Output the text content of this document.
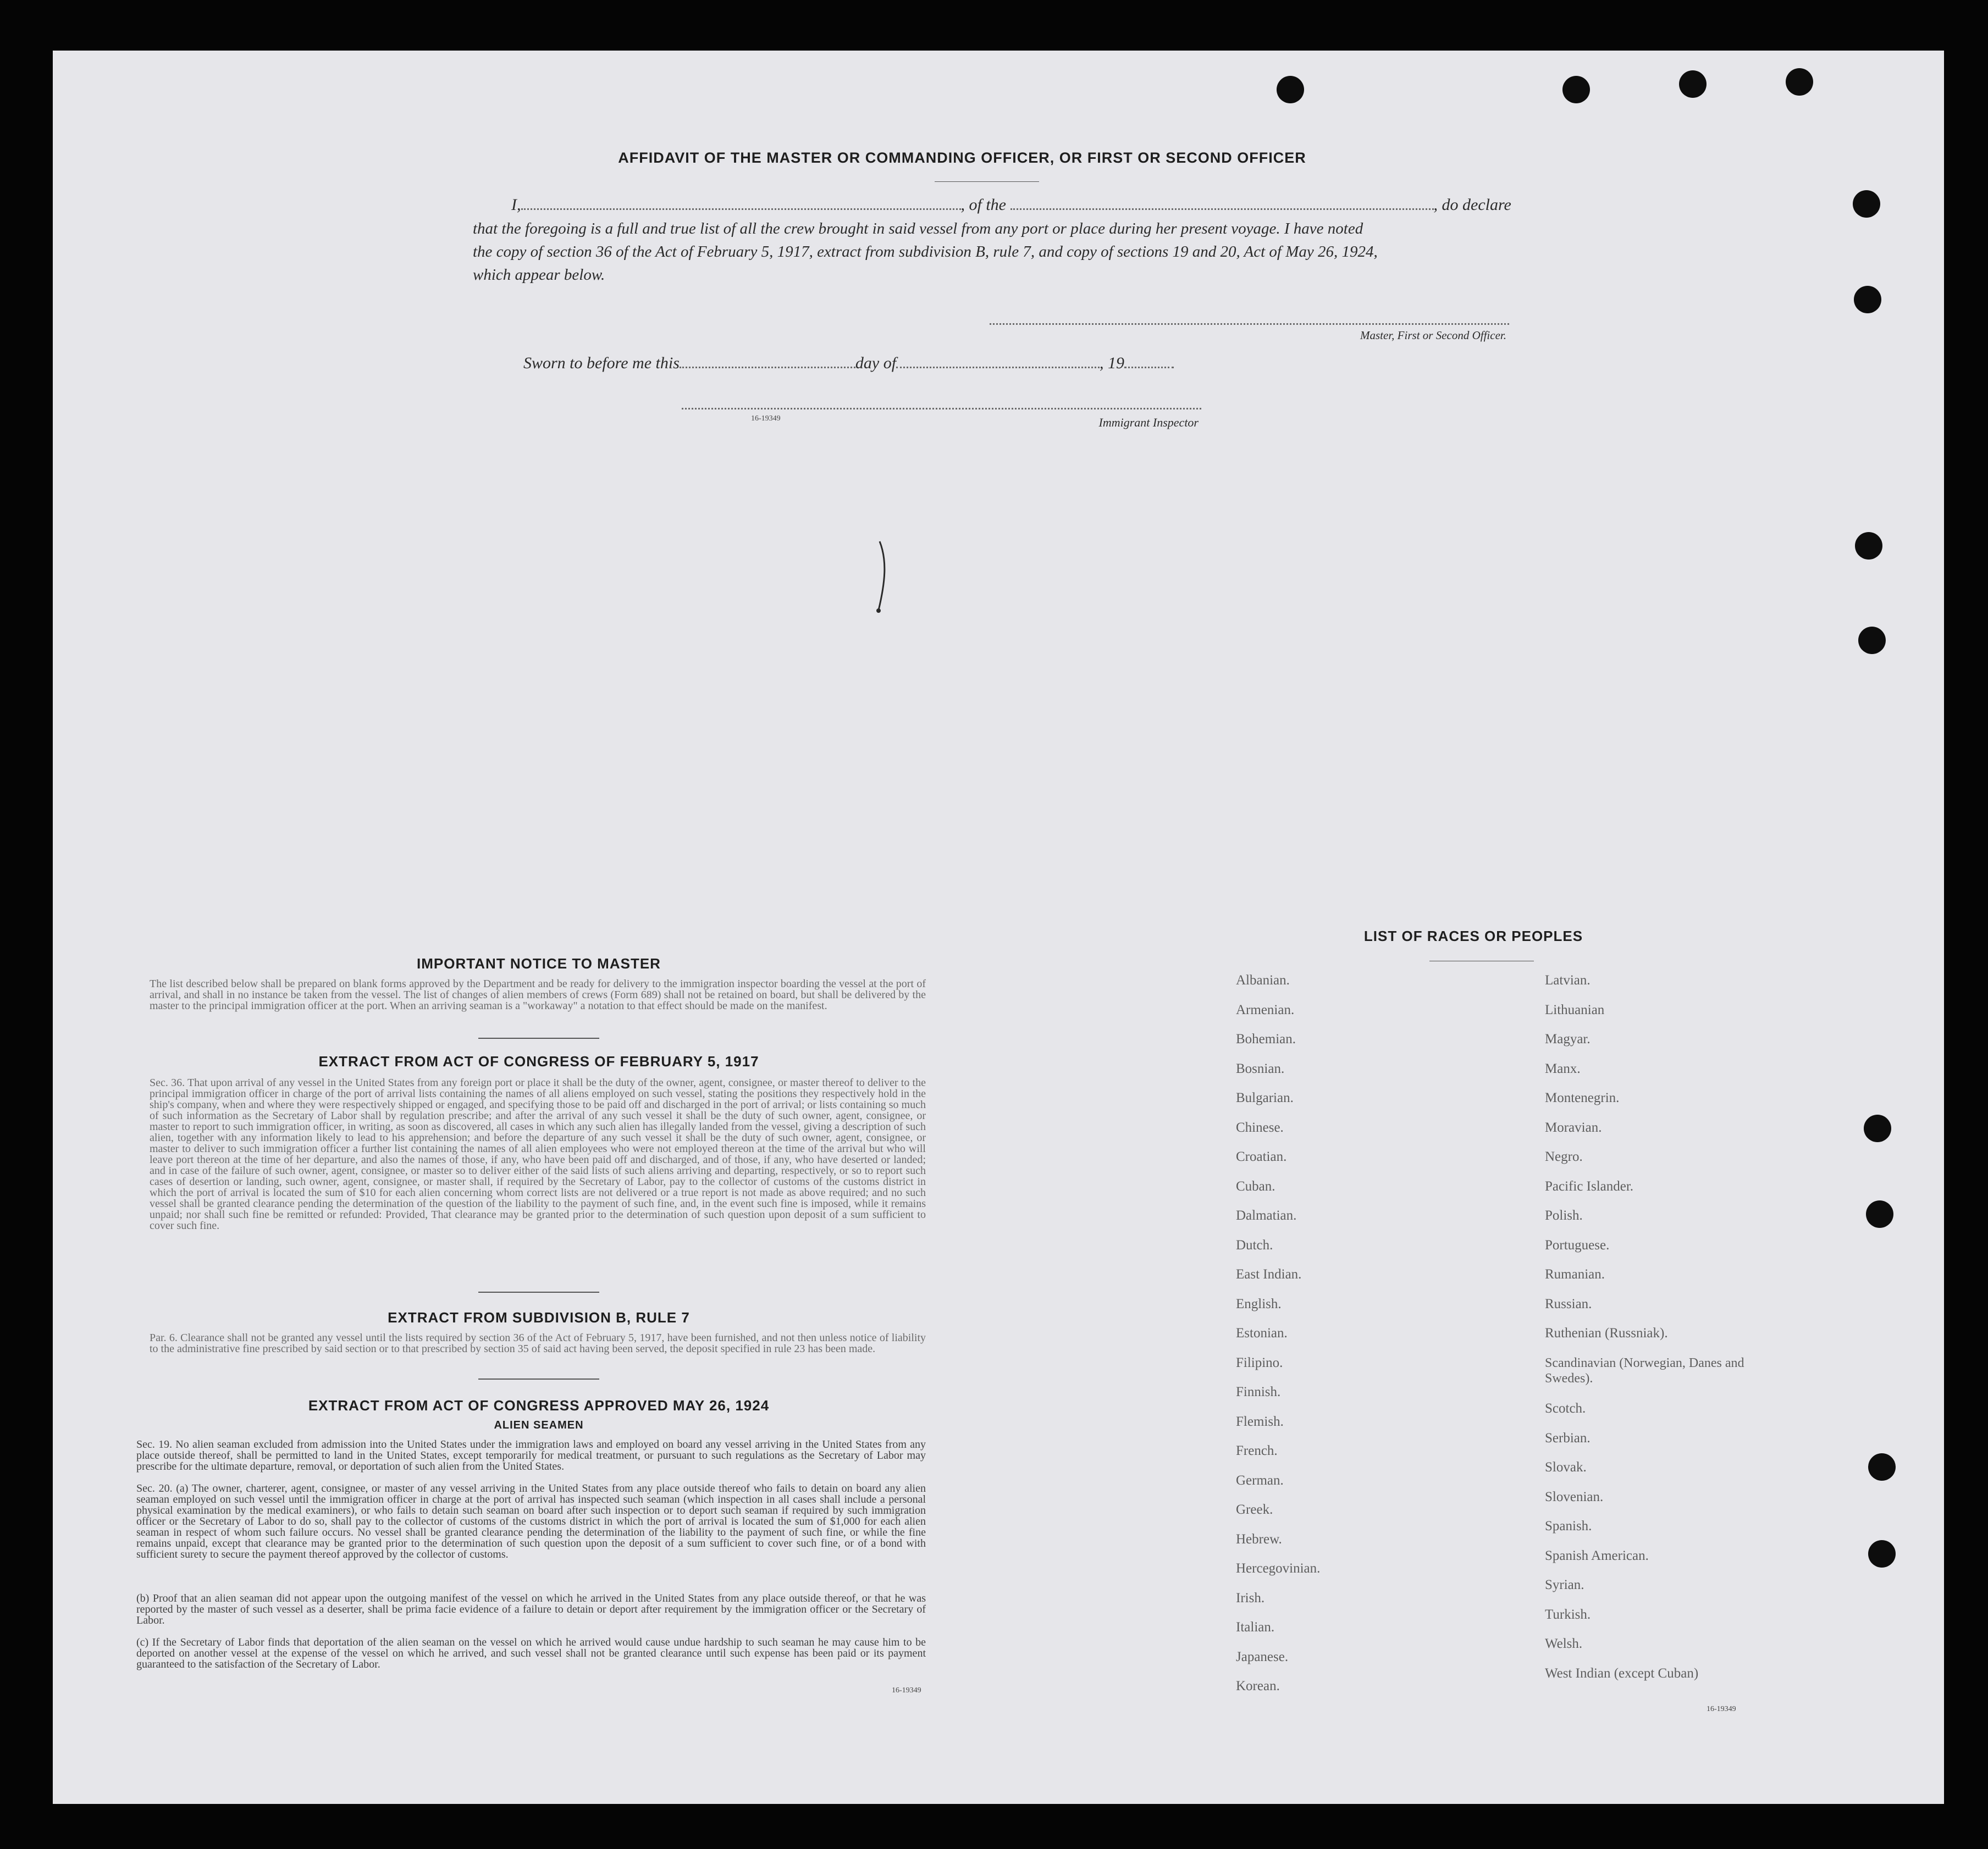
AFFIDAVIT OF THE MASTER OR COMMANDING OFFICER, OR FIRST OR SECOND OFFICER
I,	, of the	, do declare
that the foregoing is a full and true list of all the crew brought in said vessel from any port or place during her present voyage. I have noted
the copy of section 36 of the Act of February 5, 1917, extract from subdivision B, rule 7, and copy of sections 19 and 20, Act of May 26, 1924,
which appear below.
Master, First or Second Officer.
Sworn to before me this	day of	, 19
16-19349	Immigrant Inspector
IMPORTANT NOTICE TO MASTER
The list described below shall be prepared on blank forms approved by the Department and be ready for delivery to the immigration inspector boarding the vessel at the port of arrival, and shall in no instance be taken from the vessel. The list of changes of alien members of crews (Form 689) shall not be retained on board, but shall be delivered by the master to the principal immigration officer at the port. When an arriving seaman is a "workaway" a notation to that effect should be made on the manifest.
EXTRACT FROM ACT OF CONGRESS OF FEBRUARY 5, 1917
Sec. 36. That upon arrival of any vessel in the United States from any foreign port or place it shall be the duty of the owner, agent, consignee, or master thereof to deliver to the principal immigration officer in charge of the port of arrival lists containing the names of all aliens employed on such vessel, stating the positions they respectively hold in the ship's company, when and where they were respectively shipped or engaged, and specifying those to be paid off and discharged in the port of arrival; or lists containing so much of such information as the Secretary of Labor shall by regulation prescribe; and after the arrival of any such vessel it shall be the duty of such owner, agent, consignee, or master to report to such immigration officer, in writing, as soon as discovered, all cases in which any such alien has illegally landed from the vessel, giving a description of such alien, together with any information likely to lead to his apprehension; and before the departure of any such vessel it shall be the duty of such owner, agent, consignee, or master to deliver to such immigration officer a further list containing the names of all alien employees who were not employed thereon at the time of the arrival but who will leave port thereon at the time of her departure, and also the names of those, if any, who have been paid off and discharged, and of those, if any, who have deserted or landed; and in case of the failure of such owner, agent, consignee, or master so to deliver either of the said lists of such aliens arriving and departing, respectively, or so to report such cases of desertion or landing, such owner, agent, consignee, or master shall, if required by the Secretary of Labor, pay to the collector of customs of the customs district in which the port of arrival is located the sum of $10 for each alien concerning whom correct lists are not delivered or a true report is not made as above required; and no such vessel shall be granted clearance pending the determination of the question of the liability to the payment of such fine, and, in the event such fine is imposed, while it remains unpaid; nor shall such fine be remitted or refunded: Provided, That clearance may be granted prior to the determination of such question upon deposit of a sum sufficient to cover such fine.
EXTRACT FROM SUBDIVISION B, RULE 7
Par. 6. Clearance shall not be granted any vessel until the lists required by section 36 of the Act of February 5, 1917, have been furnished, and not then unless notice of liability to the administrative fine prescribed by said section or to that prescribed by section 35 of said act having been served, the deposit specified in rule 23 has been made.
EXTRACT FROM ACT OF CONGRESS APPROVED MAY 26, 1924
ALIEN SEAMEN
Sec. 19. No alien seaman excluded from admission into the United States under the immigration laws and employed on board any vessel arriving in the United States from any place outside thereof, shall be permitted to land in the United States, except temporarily for medical treatment, or pursuant to such regulations as the Secretary of Labor may prescribe for the ultimate departure, removal, or deportation of such alien from the United States.
Sec. 20. (a) The owner, charterer, agent, consignee, or master of any vessel arriving in the United States from any place outside thereof who fails to detain on board any alien seaman employed on such vessel until the immigration officer in charge at the port of arrival has inspected such seaman (which inspection in all cases shall include a personal physical examination by the medical examiners), or who fails to detain such seaman on board after such inspection or to deport such seaman if required by such immigration officer or the Secretary of Labor to do so, shall pay to the collector of customs of the customs district in which the port of arrival is located the sum of $1,000 for each alien seaman in respect of whom such failure occurs. No vessel shall be granted clearance pending the determination of the liability to the payment of such fine, or while the fine remains unpaid, except that clearance may be granted prior to the determination of such question upon the deposit of a sum sufficient to cover such fine, or of a bond with sufficient surety to secure the payment thereof approved by the collector of customs.
(b) Proof that an alien seaman did not appear upon the outgoing manifest of the vessel on which he arrived in the United States from any place outside thereof, or that he was reported by the master of such vessel as a deserter, shall be prima facie evidence of a failure to detain or deport after requirement by the immigration officer or the Secretary of Labor.
(c) If the Secretary of Labor finds that deportation of the alien seaman on the vessel on which he arrived would cause undue hardship to such seaman he may cause him to be deported on another vessel at the expense of the vessel on which he arrived, and such vessel shall not be granted clearance until such expense has been paid or its payment guaranteed to the satisfaction of the Secretary of Labor.
16-19349
LIST OF RACES OR PEOPLES
Albanian.
Armenian.
Bohemian.
Bosnian.
Bulgarian.
Chinese.
Croatian.
Cuban.
Dalmatian.
Dutch.
East Indian.
English.
Estonian.
Filipino.
Finnish.
Flemish.
French.
German.
Greek.
Hebrew.
Hercegovinian.
Irish.
Italian.
Japanese.
Korean.
Latvian.
Lithuanian
Magyar.
Manx.
Montenegrin.
Moravian.
Negro.
Pacific Islander.
Polish.
Portuguese.
Rumanian.
Russian.
Ruthenian (Russniak).
Scandinavian (Norwegian, Danes and Swedes).
Scotch.
Serbian.
Slovak.
Slovenian.
Spanish.
Spanish American.
Syrian.
Turkish.
Welsh.
West Indian (except Cuban)
16-19349
